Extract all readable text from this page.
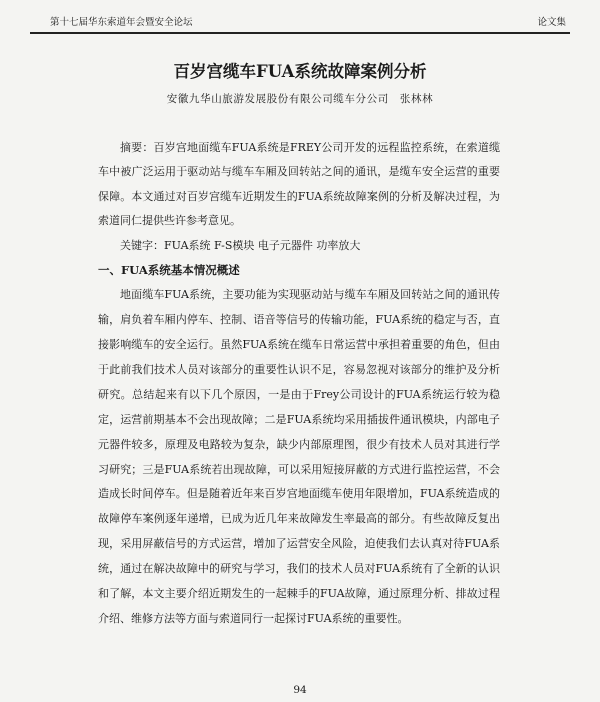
第十七届华东索道年会暨安全论坛	论文集
百岁宫缆车FUA系统故障案例分析
安徽九华山旅游发展股份有限公司缆车分公司　张林林

摘要：百岁宫地面缆车FUA系统是FREY公司开发的远程监控系统，在索道缆车中被广泛运用于驱动站与缆车车厢及回转站之间的通讯，是缆车安全运营的重要保障。本文通过对百岁宫缆车近期发生的FUA系统故障案例的分析及解决过程，为索道同仁提供些许参考意见。

关键字：FUA系统 F-S模块 电子元器件 功率放大

一、FUA系统基本情况概述

地面缆车FUA系统，主要功能为实现驱动站与缆车车厢及回转站之间的通讯传输，肩负着车厢内停车、控制、语音等信号的传输功能，FUA系统的稳定与否，直接影响缆车的安全运行。虽然FUA系统在缆车日常运营中承担着重要的角色，但由于此前我们技术人员对该部分的重要性认识不足，容易忽视对该部分的维护及分析研究。总结起来有以下几个原因，一是由于Frey公司设计的FUA系统运行较为稳定，运营前期基本不会出现故障；二是FUA系统均采用插拔件通讯模块，内部电子元器件较多，原理及电路较为复杂，缺少内部原理图，很少有技术人员对其进行学习研究；三是FUA系统若出现故障，可以采用短接屏蔽的方式进行监控运营，不会造成长时间停车。但是随着近年来百岁宫地面缆车使用年限增加，FUA系统造成的故障停车案例逐年递增，已成为近几年来故障发生率最高的部分。有些故障反复出现，采用屏蔽信号的方式运营，增加了运营安全风险，迫使我们去认真对待FUA系统，通过在解决故障中的研究与学习，我们的技术人员对FUA系统有了全新的认识和了解，本文主要介绍近期发生的一起棘手的FUA故障，通过原理分析、排故过程介绍、维修方法等方面与索道同行一起探讨FUA系统的重要性。

94
